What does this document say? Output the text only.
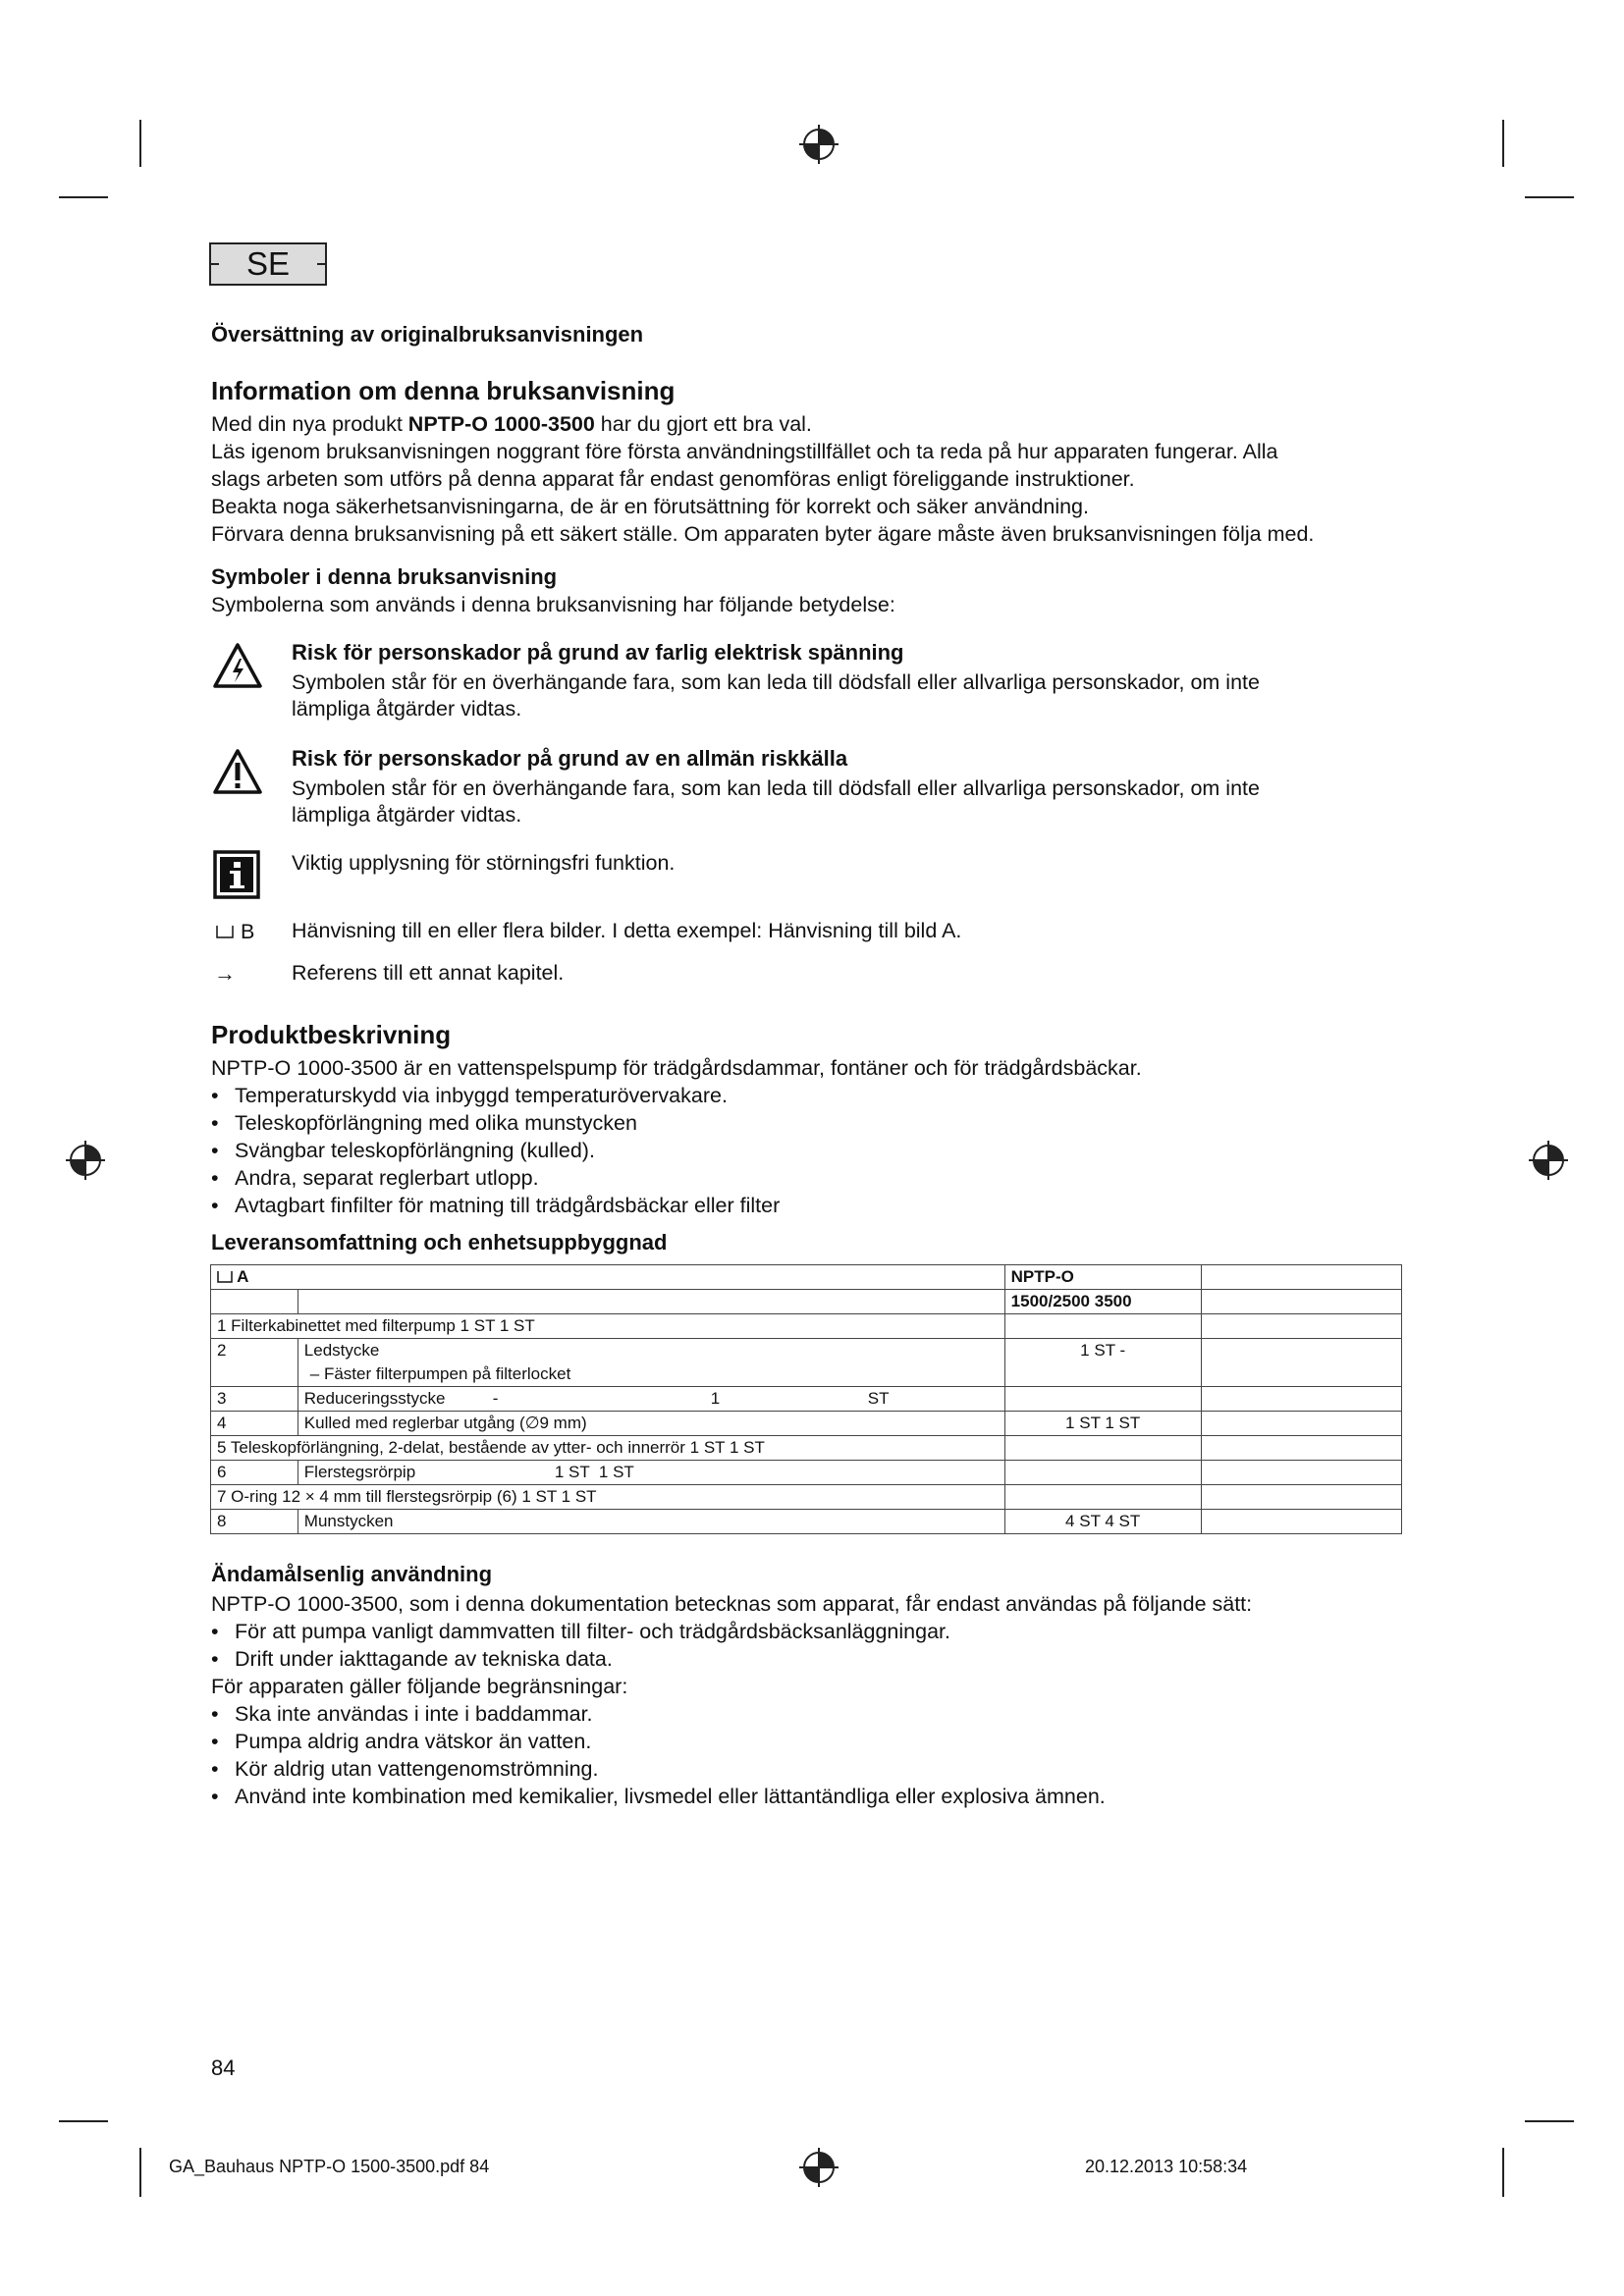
SE
Översättning av originalbruksanvisningen
Information om denna bruksanvisning
Med din nya produkt NPTP-O 1000-3500 har du gjort ett bra val.
Läs igenom bruksanvisningen noggrant före första användningstillfället och ta reda på hur apparaten fungerar. Alla
slags arbeten som utförs på denna apparat får endast genomföras enligt föreliggande instruktioner.
Beakta noga säkerhetsanvisningarna, de är en förutsättning för korrekt och säker användning.
Förvara denna bruksanvisning på ett säkert ställe. Om apparaten byter ägare måste även bruksanvisningen följa med.
Symboler i denna bruksanvisning
Symbolerna som används i denna bruksanvisning har följande betydelse:
Risk för personskador på grund av farlig elektrisk spänning
Symbolen står för en överhängande fara, som kan leda till dödsfall eller allvarliga personskador, om inte
lämpliga åtgärder vidtas.
Risk för personskador på grund av en allmän riskkälla
Symbolen står för en överhängande fara, som kan leda till dödsfall eller allvarliga personskador, om inte
lämpliga åtgärder vidtas.
Viktig upplysning för störningsfri funktion.
B Hänvisning till en eller flera bilder. I detta exempel: Hänvisning till bild A.
→	Referens till ett annat kapitel.
Produktbeskrivning
NPTP-O 1000-3500 är en vattenspelspump för trädgårdsdammar, fontäner och för trädgårdsbäckar.
• Temperaturskydd via inbyggd temperaturövervakare.
• Teleskopförlängning med olika munstycken
• Svängbar teleskopförlängning (kulled).
• Andra, separat reglerbart utlopp.
• Avtagbart finfilter för matning till trädgårdsbäckar eller filter
Leveransomfattning och enhetsuppbyggnad
A		NPTP-O	
		1500/2500 3500	
1 Filterkabinettet med filterpump 1 ST 1 ST			
2	Ledstycke
– Fäster filterpumpen på filterlocket	1 ST -	
3	Reduceringsstycke - 1 ST		

4	Kulled med reglerbar utgång (∅9 mm)	1 ST 1 ST	
5 Teleskopförlängning, 2-delat, bestående av ytter- och innerrör 1 ST 1 ST			
6	Flerstegsrörpip                              1 ST  1 ST		
7 O-ring 12 × 4 mm till flerstegsrörpip (6) 1 ST 1 ST			
8	Munstycken	4 ST 4 ST	
Ändamålsenlig användning
NPTP-O 1000-3500, som i denna dokumentation betecknas som apparat, får endast användas på följande sätt:
• För att pumpa vanligt dammvatten till filter- och trädgårdsbäcksanläggningar.
• Drift under iakttagande av tekniska data.
För apparaten gäller följande begränsningar:
• Ska inte användas i inte i baddammar.
• Pumpa aldrig andra vätskor än vatten.
• Kör aldrig utan vattengenomströmning.
• Använd inte kombination med kemikalier, livsmedel eller lättantändliga eller explosiva ämnen.
84
GA_Bauhaus NPTP-O 1500-3500.pdf 84	20.12.2013 10:58:34
